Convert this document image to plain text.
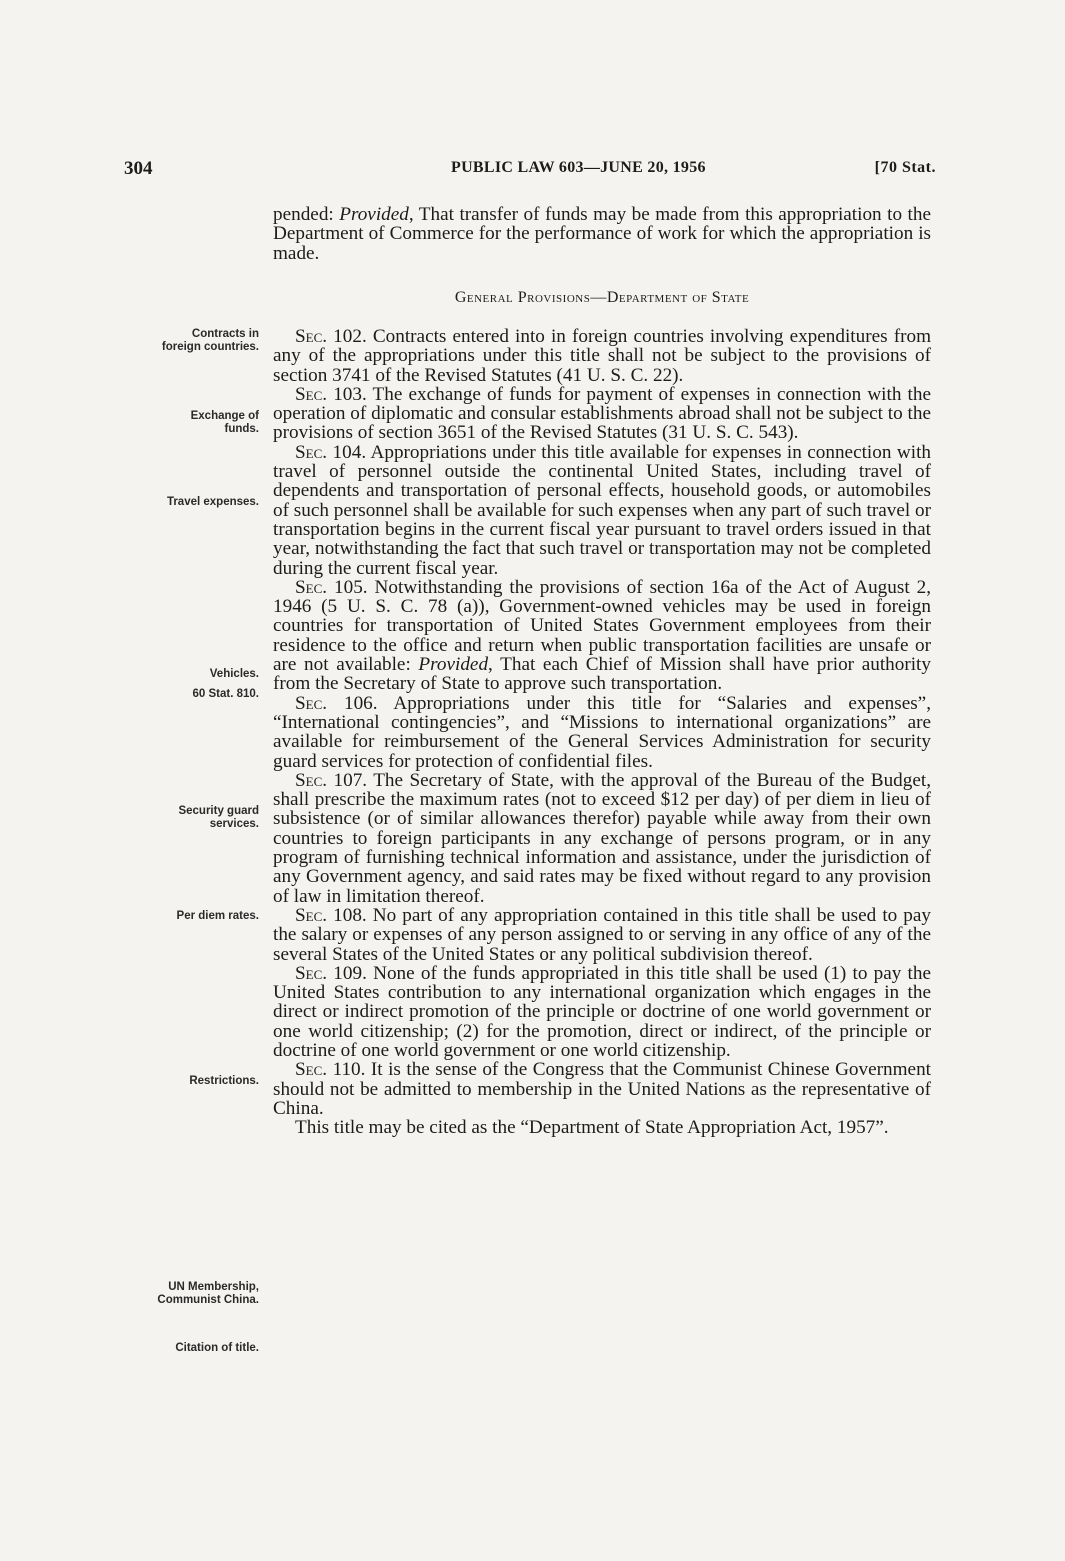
304	PUBLIC LAW 603—JUNE 20, 1956	[70 Stat.

pended: Provided, That transfer of funds may be made from this appropriation to the Department of Commerce for the performance of work for which the appropriation is made.

General Provisions—Department of State

Sec. 102. Contracts entered into in foreign countries involving expenditures from any of the appropriations under this title shall not be subject to the provisions of section 3741 of the Revised Statutes (41 U. S. C. 22).

Sec. 103. The exchange of funds for payment of expenses in connection with the operation of diplomatic and consular establishments abroad shall not be subject to the provisions of section 3651 of the Revised Statutes (31 U. S. C. 543).

Sec. 104. Appropriations under this title available for expenses in connection with travel of personnel outside the continental United States, including travel of dependents and transportation of personal effects, household goods, or automobiles of such personnel shall be available for such expenses when any part of such travel or transportation begins in the current fiscal year pursuant to travel orders issued in that year, notwithstanding the fact that such travel or transportation may not be completed during the current fiscal year.

Sec. 105. Notwithstanding the provisions of section 16a of the Act of August 2, 1946 (5 U. S. C. 78 (a)), Government-owned vehicles may be used in foreign countries for transportation of United States Government employees from their residence to the office and return when public transportation facilities are unsafe or are not available: Provided, That each Chief of Mission shall have prior authority from the Secretary of State to approve such transportation.

Sec. 106. Appropriations under this title for “Salaries and expenses”, “International contingencies”, and “Missions to international organizations” are available for reimbursement of the General Services Administration for security guard services for protection of confidential files.

Sec. 107. The Secretary of State, with the approval of the Bureau of the Budget, shall prescribe the maximum rates (not to exceed $12 per day) of per diem in lieu of subsistence (or of similar allowances therefor) payable while away from their own countries to foreign participants in any exchange of persons program, or in any program of furnishing technical information and assistance, under the jurisdiction of any Government agency, and said rates may be fixed without regard to any provision of law in limitation thereof.

Sec. 108. No part of any appropriation contained in this title shall be used to pay the salary or expenses of any person assigned to or serving in any office of any of the several States of the United States or any political subdivision thereof.

Sec. 109. None of the funds appropriated in this title shall be used (1) to pay the United States contribution to any international organization which engages in the direct or indirect promotion of the principle or doctrine of one world government or one world citizenship; (2) for the promotion, direct or indirect, of the principle or doctrine of one world government or one world citizenship.

Sec. 110. It is the sense of the Congress that the Communist Chinese Government should not be admitted to membership in the United Nations as the representative of China.

This title may be cited as the “Department of State Appropriation Act, 1957”.

Contracts in
foreign countries.
Exchange of
funds.
Travel expenses.
Vehicles.
60 Stat. 810.
Security guard
services.
Per diem rates.
Restrictions.
UN Membership,
Communist China.
Citation of title.
